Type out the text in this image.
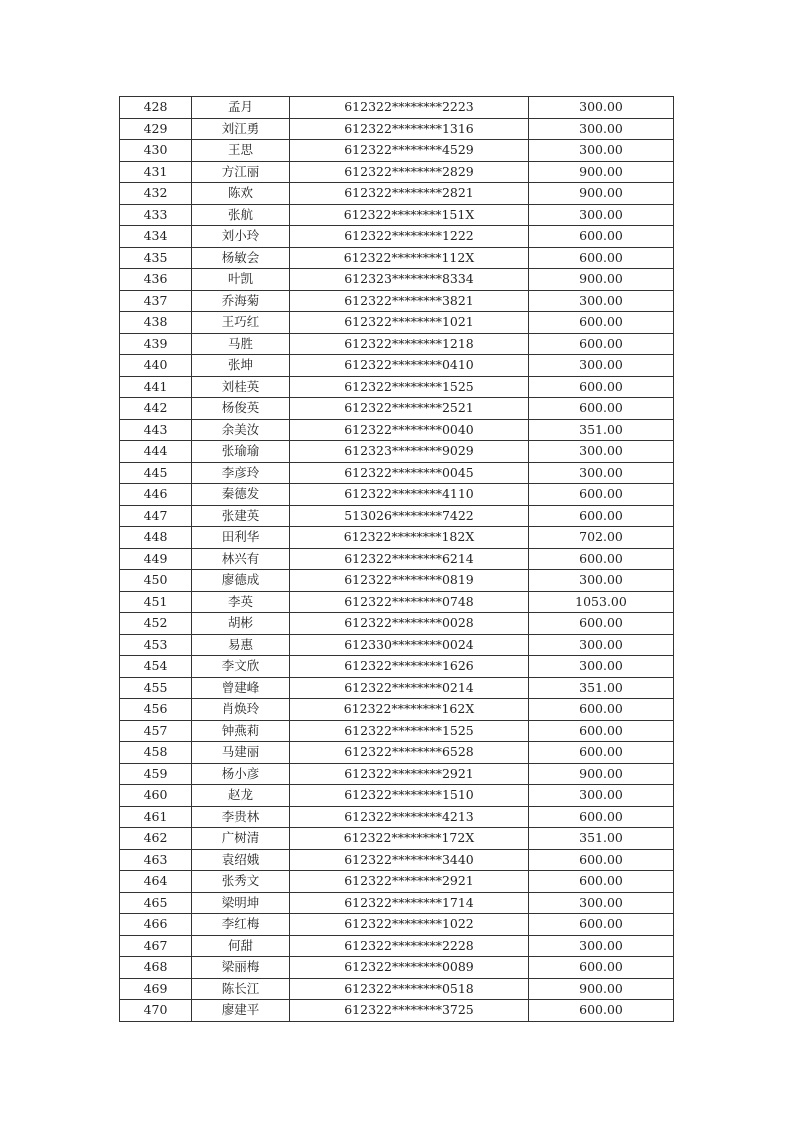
428	孟月	612322********2223	300.00
429	刘江勇	612322********1316	300.00
430	王思	612322********4529	300.00
431	方江丽	612322********2829	900.00
432	陈欢	612322********2821	900.00
433	张航	612322********151X	300.00
434	刘小玲	612322********1222	600.00
435	杨敏会	612322********112X	600.00
436	叶凯	612323********8334	900.00
437	乔海菊	612322********3821	300.00
438	王巧红	612322********1021	600.00
439	马胜	612322********1218	600.00
440	张坤	612322********0410	300.00
441	刘桂英	612322********1525	600.00
442	杨俊英	612322********2521	600.00
443	余美汝	612322********0040	351.00
444	张瑜瑜	612323********9029	300.00
445	李彦玲	612322********0045	300.00
446	秦德发	612322********4110	600.00
447	张建英	513026********7422	600.00
448	田利华	612322********182X	702.00
449	林兴有	612322********6214	600.00
450	廖德成	612322********0819	300.00
451	李英	612322********0748	1053.00
452	胡彬	612322********0028	600.00
453	易惠	612330********0024	300.00
454	李文欣	612322********1626	300.00
455	曾建峰	612322********0214	351.00
456	肖焕玲	612322********162X	600.00
457	钟燕莉	612322********1525	600.00
458	马建丽	612322********6528	600.00
459	杨小彦	612322********2921	900.00
460	赵龙	612322********1510	300.00
461	李贵林	612322********4213	600.00
462	广树清	612322********172X	351.00
463	袁绍娥	612322********3440	600.00
464	张秀文	612322********2921	600.00
465	梁明坤	612322********1714	300.00
466	李红梅	612322********1022	600.00
467	何甜	612322********2228	300.00
468	梁丽梅	612322********0089	600.00
469	陈长江	612322********0518	900.00
470	廖建平	612322********3725	600.00
